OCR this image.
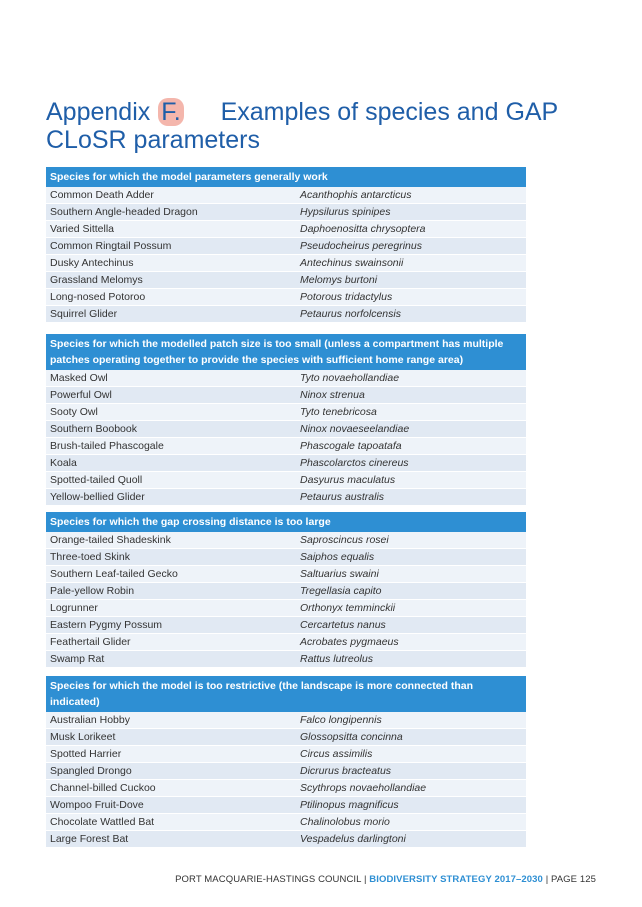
Appendix F. Examples of species and GAP
CLoSR parameters
Species for which the model parameters generally work
Common Death Adder	Acanthophis antarcticus
Southern Angle-headed Dragon	Hypsilurus spinipes
Varied Sittella	Daphoenositta chrysoptera
Common Ringtail Possum	Pseudocheirus peregrinus
Dusky Antechinus	Antechinus swainsonii
Grassland Melomys	Melomys burtoni
Long-nosed Potoroo	Potorous tridactylus
Squirrel Glider	Petaurus norfolcensis
Species for which the modelled patch size is too small (unless a compartment has multiple patches operating together to provide the species with sufficient home range area)
Masked Owl	Tyto novaehollandiae
Powerful Owl	Ninox strenua
Sooty Owl	Tyto tenebricosa
Southern Boobook	Ninox novaeseelandiae
Brush-tailed Phascogale	Phascogale tapoatafa
Koala	Phascolarctos cinereus
Spotted-tailed Quoll	Dasyurus maculatus
Yellow-bellied Glider	Petaurus australis
Species for which the gap crossing distance is too large
Orange-tailed Shadeskink	Saproscincus rosei
Three-toed Skink	Saiphos equalis
Southern Leaf-tailed Gecko	Saltuarius swaini
Pale-yellow Robin	Tregellasia capito
Logrunner	Orthonyx temminckii
Eastern Pygmy Possum	Cercartetus nanus
Feathertail Glider	Acrobates pygmaeus
Swamp Rat	Rattus lutreolus
Species for which the model is too restrictive (the landscape is more connected than indicated)
Australian Hobby	Falco longipennis
Musk Lorikeet	Glossopsitta concinna
Spotted Harrier	Circus assimilis
Spangled Drongo	Dicrurus bracteatus
Channel-billed Cuckoo	Scythrops novaehollandiae
Wompoo Fruit-Dove	Ptilinopus magnificus
Chocolate Wattled Bat	Chalinolobus morio
Large Forest Bat	Vespadelus darlingtoni
PORT MACQUARIE-HASTINGS COUNCIL | BIODIVERSITY STRATEGY 2017–2030 | PAGE 125
